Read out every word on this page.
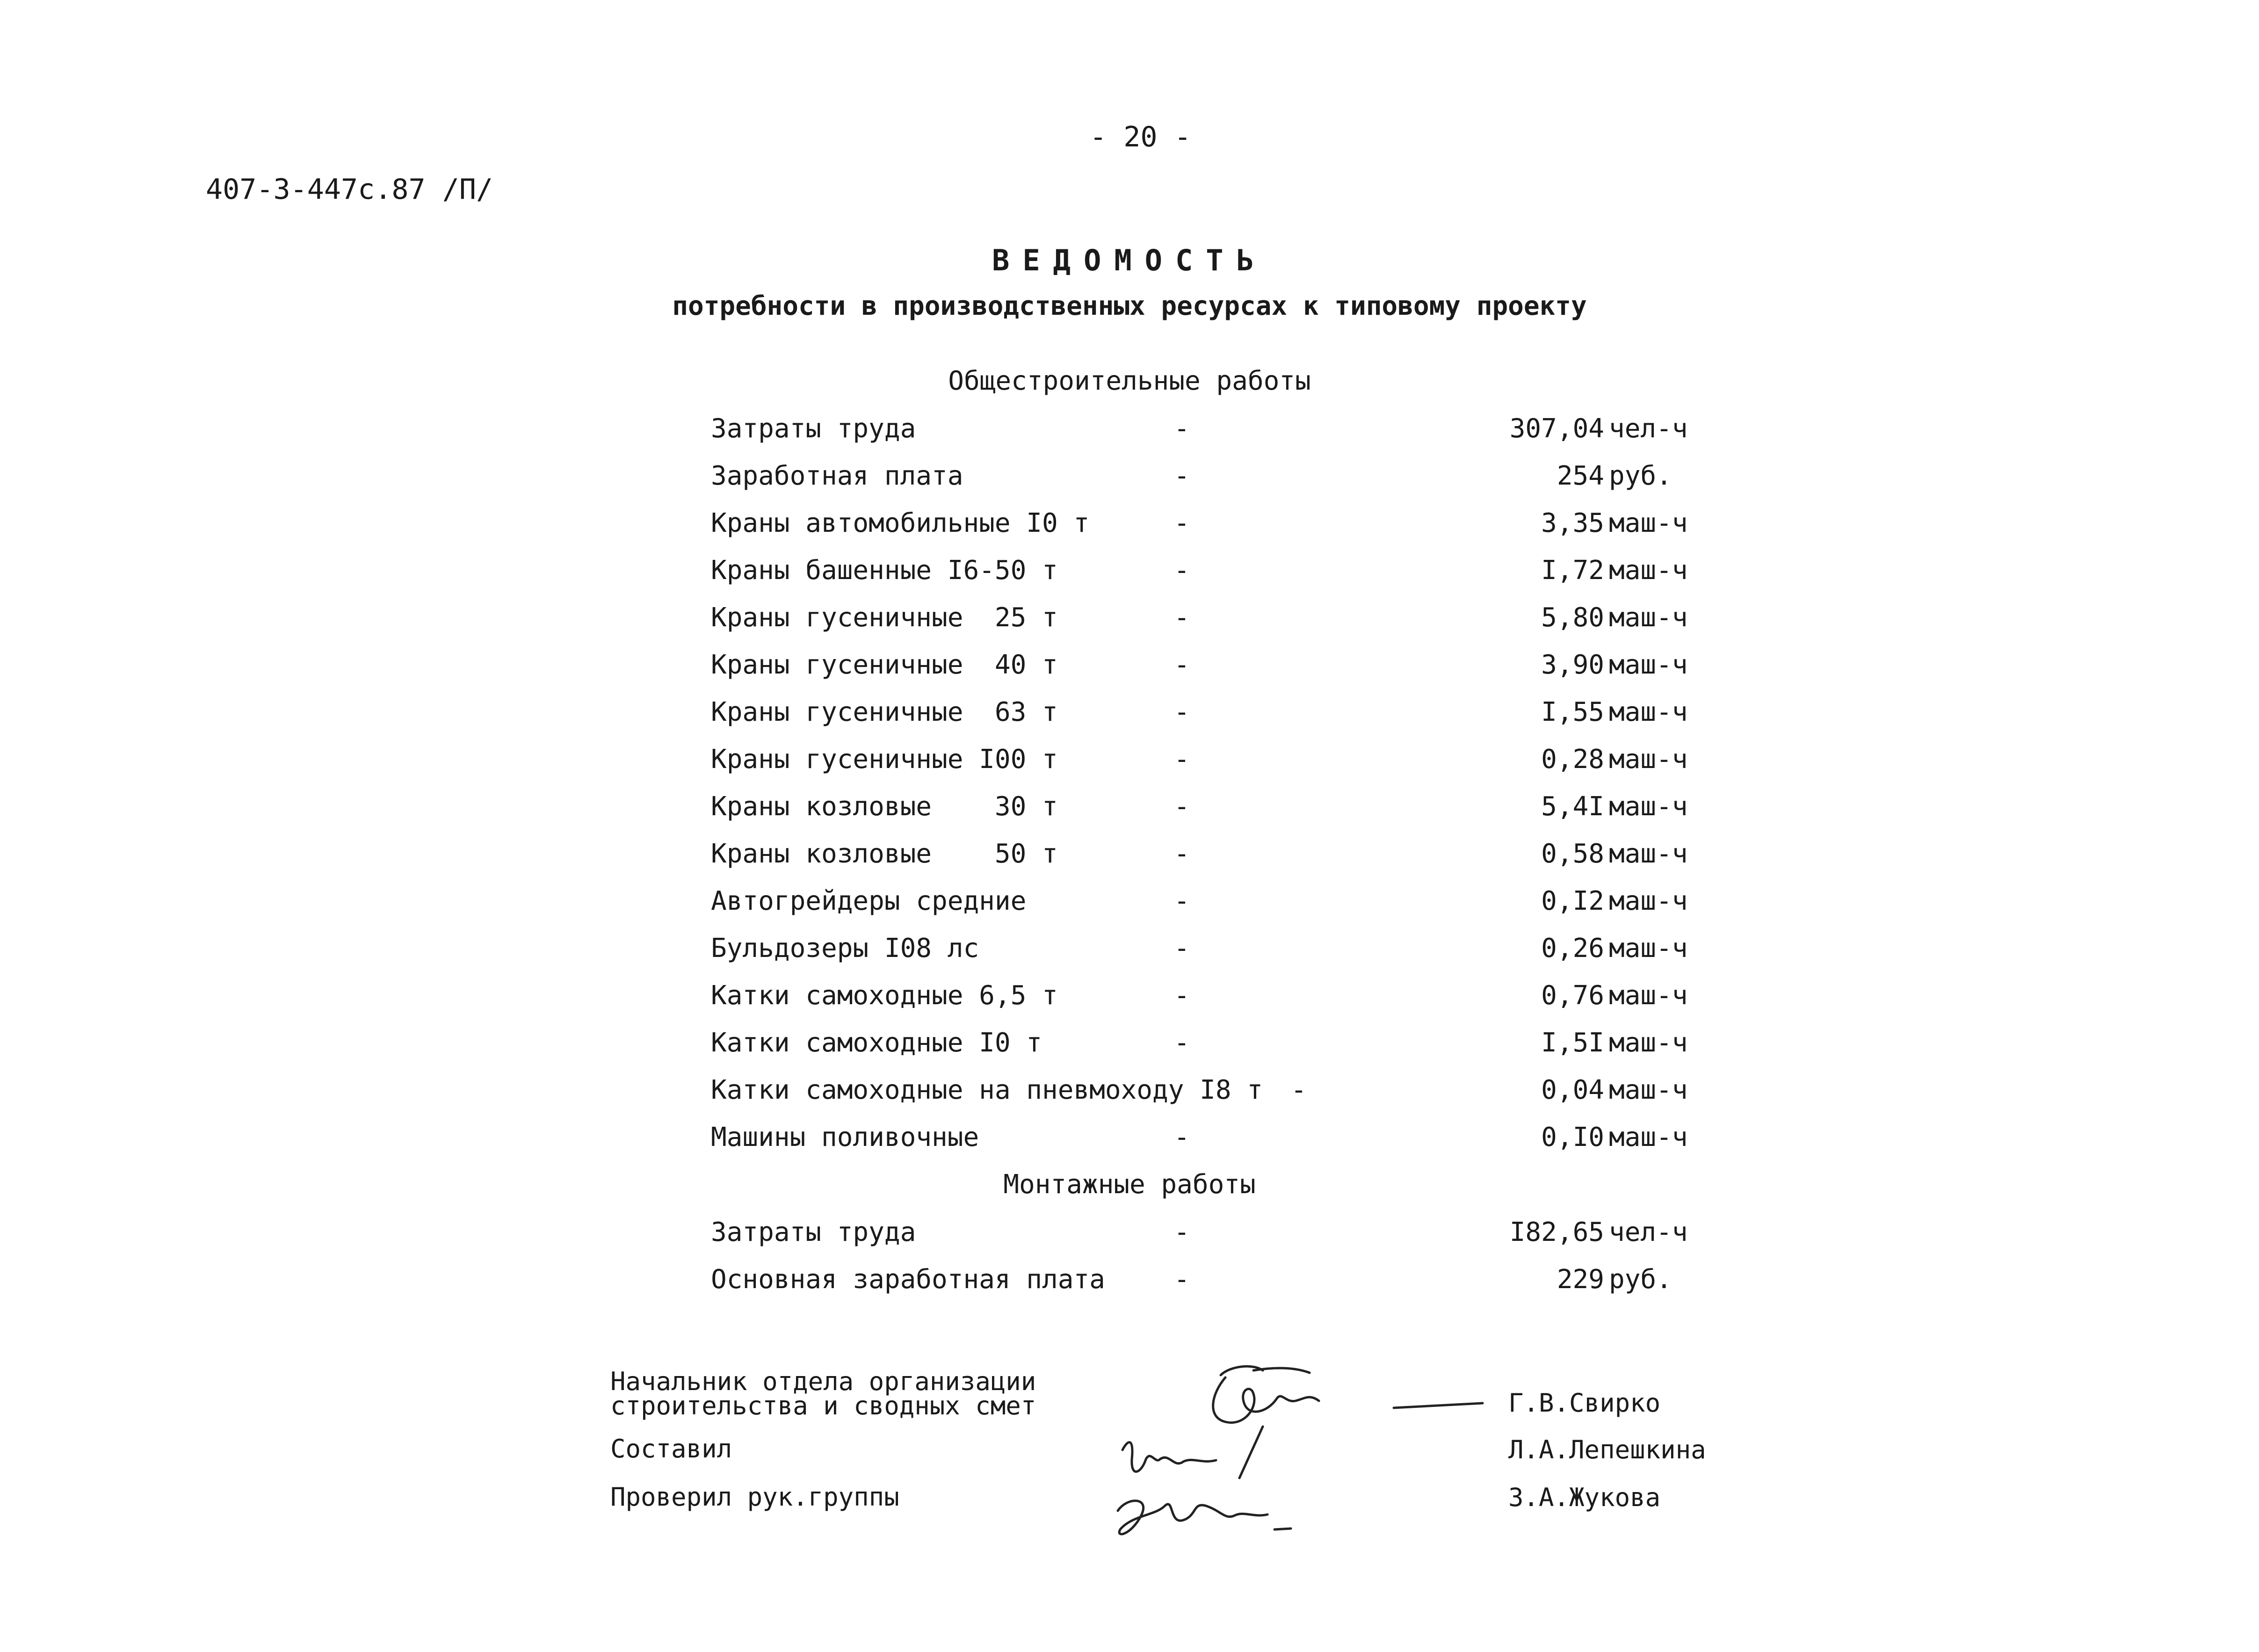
- 20 -
407-3-447с.87 /П/
ВЕДОМОСТЬ
потребности в производственных ресурсах к типовому проекту
Общестроительные работы
Затраты труда	-	307,04 чел-ч
Заработная плата	-	254 руб.
Краны автомобильные I0 т	-	3,35 маш-ч
Краны башенные I6-50 т	-	I,72 маш-ч
Краны гусеничные  25 т	-	5,80 маш-ч
Краны гусеничные  40 т	-	3,90 маш-ч
Краны гусеничные  63 т	-	I,55 маш-ч
Краны гусеничные I00 т	-	0,28 маш-ч
Краны козловые    30 т	-	5,4I маш-ч
Краны козловые    50 т	-	0,58 маш-ч
Автогрейдеры средние	-	0,I2 маш-ч
Бульдозеры I08 лс	-	0,26 маш-ч
Катки самоходные 6,5 т	-	0,76 маш-ч
Катки самоходные I0 т	-	I,5I маш-ч
Катки самоходные на пневмоходу I8 т -	0,04 маш-ч
Машины поливочные	-	0,I0 маш-ч
Монтажные работы
Затраты труда	-	I82,65 чел-ч
Основная заработная плата	-	229 руб.
Начальник отдела организации
строительства и сводных смет	Г.В.Свирко
Составил	Л.А.Лепешкина
Проверил рук.группы	З.А.Жукова
